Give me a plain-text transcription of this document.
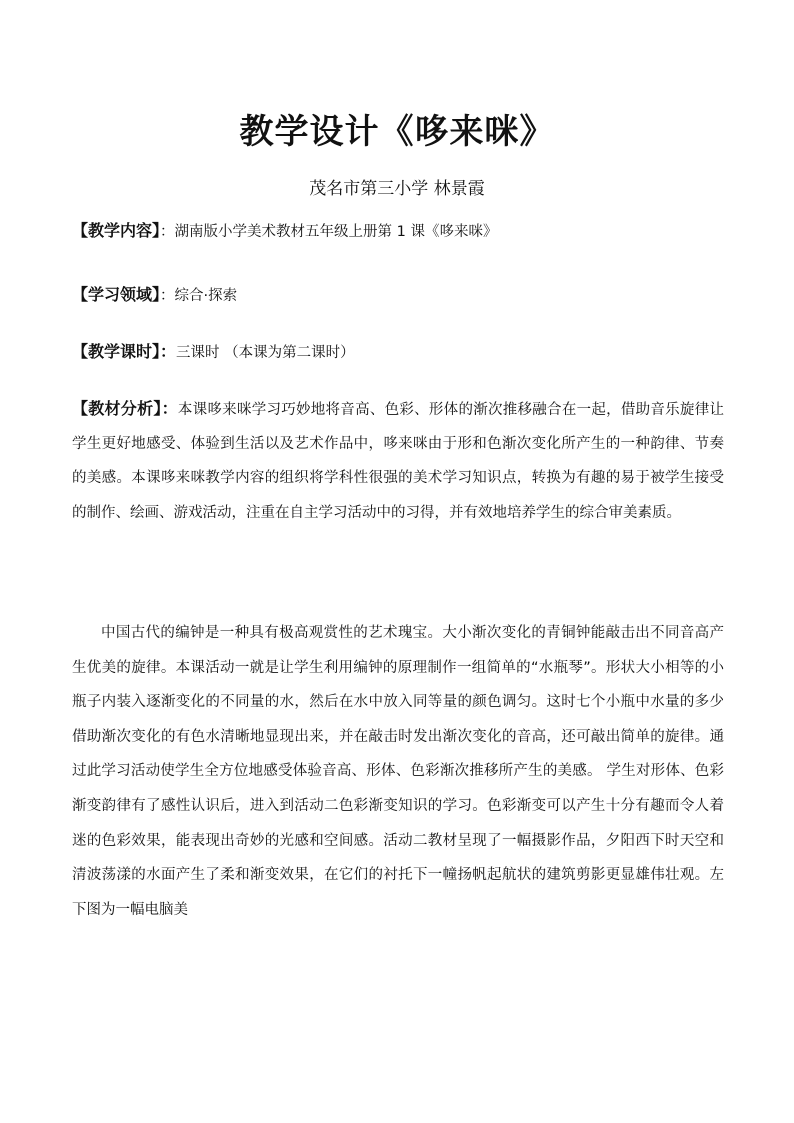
教学设计《哆来咪》

茂名市第三小学 林景霞

【教学内容】：湖南版小学美术教材五年级上册第 1 课《哆来咪》
【学习领域】：综合·探索
【教学课时】：三课时 （本课为第二课时）

【教材分析】：本课哆来咪学习巧妙地将音高、色彩、形体的渐次推移融合在一起，借助音乐旋律让学生更好地感受、体验到生活以及艺术作品中，哆来咪由于形和色渐次变化所产生的一种韵律、节奏的美感。本课哆来咪教学内容的组织将学科性很强的美术学习知识点，转换为有趣的易于被学生接受的制作、绘画、游戏活动，注重在自主学习活动中的习得，并有效地培养学生的综合审美素质。

中国古代的编钟是一种具有极高观赏性的艺术瑰宝。大小渐次变化的青铜钟能敲击出不同音高产生优美的旋律。本课活动一就是让学生利用编钟的原理制作一组简单的“水瓶琴”。形状大小相等的小瓶子内装入逐渐变化的不同量的水，然后在水中放入同等量的颜色调匀。这时七个小瓶中水量的多少借助渐次变化的有色水清晰地显现出来，并在敲击时发出渐次变化的音高，还可敲出简单的旋律。通过此学习活动使学生全方位地感受体验音高、形体、色彩渐次推移所产生的美感。 学生对形体、色彩渐变韵律有了感性认识后，进入到活动二色彩渐变知识的学习。色彩渐变可以产生十分有趣而令人着迷的色彩效果，能表现出奇妙的光感和空间感。活动二教材呈现了一幅摄影作品，夕阳西下时天空和清波荡漾的水面产生了柔和渐变效果，在它们的衬托下一幢扬帆起航状的建筑剪影更显雄伟壮观。左下图为一幅电脑美
